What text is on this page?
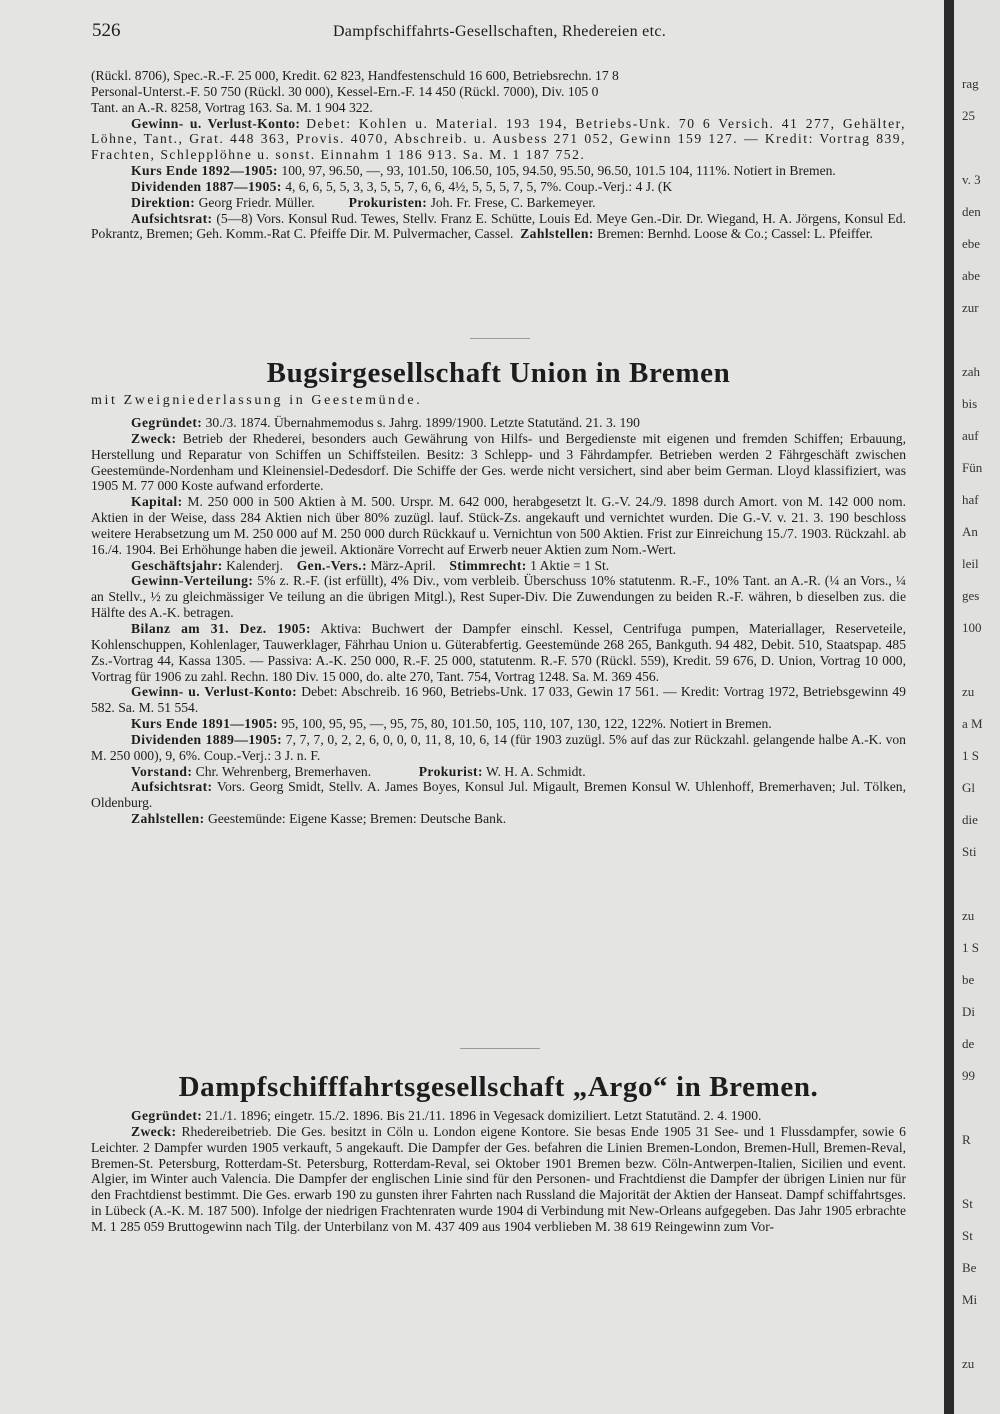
526	Dampfschiffahrts-Gesellschaften, Rhedereien etc.

(Rückl. 8706), Spec.-R.-F. 25 000, Kredit. 62 823, Handfestenschuld 16 600, Betriebsrechn. 17 8

Personal-Unterst.-F. 50 750 (Rückl. 30 000), Kessel-Ern.-F. 14 450 (Rückl. 7000), Div. 105 0

Tant. an A.-R. 8258, Vortrag 163. Sa. M. 1 904 322.

Gewinn- u. Verlust-Konto: Debet: Kohlen u. Material. 193 194, Betriebs-Unk. 70 6 Versich. 41 277, Gehälter, Löhne, Tant., Grat. 448 363, Provis. 4070, Abschreib. u. Ausbess 271 052, Gewinn 159 127. — Kredit: Vortrag 839, Frachten, Schlepplöhne u. sonst. Einnahm 1 186 913. Sa. M. 1 187 752.

Kurs Ende 1892—1905: 100, 97, 96.50, —, 93, 101.50, 106.50, 105, 94.50, 95.50, 96.50, 101.5 104, 111%. Notiert in Bremen.

Dividenden 1887—1905: 4, 6, 6, 5, 5, 3, 3, 5, 5, 7, 6, 6, 4½, 5, 5, 5, 7, 5, 7%. Coup.-Verj.: 4 J. (K

Direktion: Georg Friedr. Müller. Prokuristen: Joh. Fr. Frese, C. Barkemeyer.

Aufsichtsrat: (5—8) Vors. Konsul Rud. Tewes, Stellv. Franz E. Schütte, Louis Ed. Meye Gen.-Dir. Dr. Wiegand, H. A. Jörgens, Konsul Ed. Pokrantz, Bremen; Geh. Komm.-Rat C. Pfeiffe Dir. M. Pulvermacher, Cassel. Zahlstellen: Bremen: Bernhd. Loose & Co.; Cassel: L. Pfeiffer.

Bugsirgesellschaft Union in Bremen
mit Zweigniederlassung in Geestemünde.

Gegründet: 30./3. 1874. Übernahmemodus s. Jahrg. 1899/1900. Letzte Statutänd. 21. 3. 190

Zweck: Betrieb der Rhederei, besonders auch Gewährung von Hilfs- und Bergedienste mit eigenen und fremden Schiffen; Erbauung, Herstellung und Reparatur von Schiffen un Schiffsteilen. Besitz: 3 Schlepp- und 3 Fährdampfer. Betrieben werden 2 Fährgeschäft zwischen Geestemünde-Nordenham und Kleinensiel-Dedesdorf. Die Schiffe der Ges. werde nicht versichert, sind aber beim German. Lloyd klassifiziert, was 1905 M. 77 000 Koste aufwand erforderte.

Kapital: M. 250 000 in 500 Aktien à M. 500. Urspr. M. 642 000, herabgesetzt lt. G.-V. 24./9. 1898 durch Amort. von M. 142 000 nom. Aktien in der Weise, dass 284 Aktien nich über 80% zuzügl. lauf. Stück-Zs. angekauft und vernichtet wurden. Die G.-V. v. 21. 3. 190 beschloss weitere Herabsetzung um M. 250 000 auf M. 250 000 durch Rückkauf u. Vernichtun von 500 Aktien. Frist zur Einreichung 15./7. 1903. Rückzahl. ab 16./4. 1904. Bei Erhöhunge haben die jeweil. Aktionäre Vorrecht auf Erwerb neuer Aktien zum Nom.-Wert.

Geschäftsjahr: Kalenderj. Gen.-Vers.: März-April. Stimmrecht: 1 Aktie = 1 St.

Gewinn-Verteilung: 5% z. R.-F. (ist erfüllt), 4% Div., vom verbleib. Überschuss 10% statutenm. R.-F., 10% Tant. an A.-R. (¼ an Vors., ¼ an Stellv., ½ zu gleichmässiger Ve teilung an die übrigen Mitgl.), Rest Super-Div. Die Zuwendungen zu beiden R.-F. währen, b dieselben zus. die Hälfte des A.-K. betragen.

Bilanz am 31. Dez. 1905: Aktiva: Buchwert der Dampfer einschl. Kessel, Centrifuga pumpen, Materiallager, Reserveteile, Kohlenschuppen, Kohlenlager, Tauwerklager, Fährhau Union u. Güterabfertig. Geestemünde 268 265, Bankguth. 94 482, Debit. 510, Staatspap. 485 Zs.-Vortrag 44, Kassa 1305. — Passiva: A.-K. 250 000, R.-F. 25 000, statutenm. R.-F. 570 (Rückl. 559), Kredit. 59 676, D. Union, Vortrag 10 000, Vortrag für 1906 zu zahl. Rechn. 180 Div. 15 000, do. alte 270, Tant. 754, Vortrag 1248. Sa. M. 369 456.

Gewinn- u. Verlust-Konto: Debet: Abschreib. 16 960, Betriebs-Unk. 17 033, Gewin 17 561. — Kredit: Vortrag 1972, Betriebsgewinn 49 582. Sa. M. 51 554.

Kurs Ende 1891—1905: 95, 100, 95, 95, —, 95, 75, 80, 101.50, 105, 110, 107, 130, 122, 122%. Notiert in Bremen.

Dividenden 1889—1905: 7, 7, 7, 0, 2, 2, 6, 0, 0, 0, 11, 8, 10, 6, 14 (für 1903 zuzügl. 5% auf das zur Rückzahl. gelangende halbe A.-K. von M. 250 000), 9, 6%. Coup.-Verj.: 3 J. n. F.

Vorstand: Chr. Wehrenberg, Bremerhaven.	Prokurist: W. H. A. Schmidt.

Aufsichtsrat: Vors. Georg Smidt, Stellv. A. James Boyes, Konsul Jul. Migault, Bremen Konsul W. Uhlenhoff, Bremerhaven; Jul. Tölken, Oldenburg.

Zahlstellen: Geestemünde: Eigene Kasse; Bremen: Deutsche Bank.

Dampfschifffahrtsgesellschaft „Argo“ in Bremen.

Gegründet: 21./1. 1896; eingetr. 15./2. 1896. Bis 21./11. 1896 in Vegesack domiziliert. Letzt Statutänd. 2. 4. 1900.

Zweck: Rhedereibetrieb. Die Ges. besitzt in Cöln u. London eigene Kontore. Sie besas Ende 1905 31 See- und 1 Flussdampfer, sowie 6 Leichter. 2 Dampfer wurden 1905 verkauft, 5 angekauft. Die Dampfer der Ges. befahren die Linien Bremen-London, Bremen-Hull, Bremen-Reval, Bremen-St. Petersburg, Rotterdam-St. Petersburg, Rotterdam-Reval, sei Oktober 1901 Bremen bezw. Cöln-Antwerpen-Italien, Sicilien und event. Algier, im Winter auch Valencia. Die Dampfer der englischen Linie sind für den Personen- und Frachtdienst die Dampfer der übrigen Linien nur für den Frachtdienst bestimmt. Die Ges. erwarb 190 zu gunsten ihrer Fahrten nach Russland die Majorität der Aktien der Hanseat. Dampf schiffahrtsges. in Lübeck (A.-K. M. 187 500). Infolge der niedrigen Frachtenraten wurde 1904 di Verbindung mit New-Orleans aufgegeben. Das Jahr 1905 erbrachte M. 1 285 059 Bruttogewinn nach Tilg. der Unterbilanz von M. 437 409 aus 1904 verblieben M. 38 619 Reingewinn zum Vor-

rag
25
v. 3
den
ebe
abe
zur
zah
bis
auf
Fün
haf
An
leil
ges
100
zu
a M
1 S
Gl
die
Sti
zu
1 S
be
Di
de
99
R
St
St
Be
Mi
zu
